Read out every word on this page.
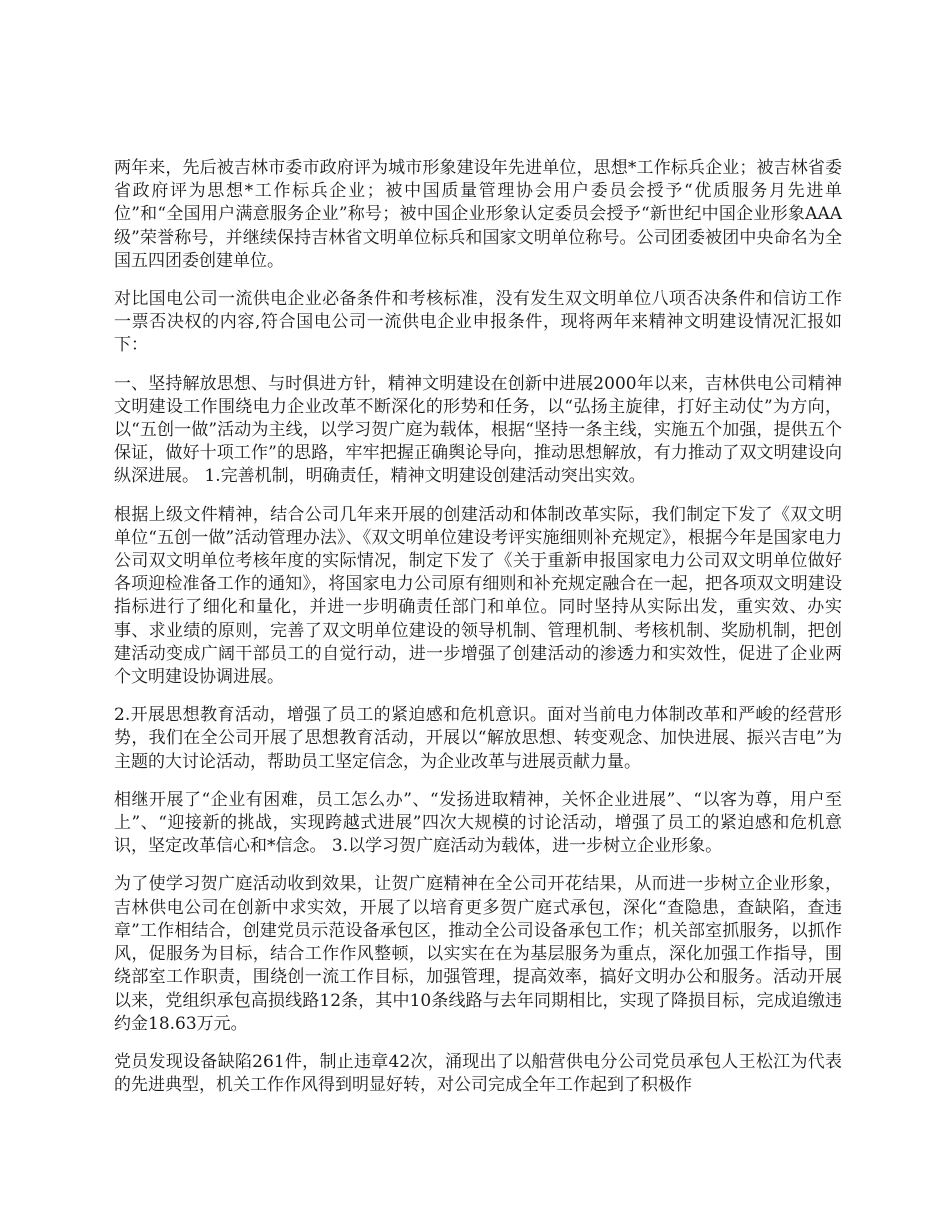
两年来，先后被吉林市委市政府评为城市形象建设年先进单位，思想*工作标兵企业；被吉林省委省政府评为思想*工作标兵企业；被中国质量管理协会用户委员会授予“优质服务月先进单位”和“全国用户满意服务企业”称号；被中国企业形象认定委员会授予“新世纪中国企业形象AAA级”荣誉称号，并继续保持吉林省文明单位标兵和国家文明单位称号。公司团委被团中央命名为全国五四团委创建单位。

对比国电公司一流供电企业必备条件和考核标准，没有发生双文明单位八项否决条件和信访工作一票否决权的内容,符合国电公司一流供电企业申报条件，现将两年来精神文明建设情况汇报如下：

一、坚持解放思想、与时俱进方针，精神文明建设在创新中进展2000年以来，吉林供电公司精神文明建设工作围绕电力企业改革不断深化的形势和任务，以“弘扬主旋律，打好主动仗”为方向，以“五创一做”活动为主线，以学习贺广庭为载体，根据“坚持一条主线，实施五个加强，提供五个保证，做好十项工作”的思路，牢牢把握正确舆论导向，推动思想解放，有力推动了双文明建设向纵深进展。 1.完善机制，明确责任，精神文明建设创建活动突出实效。

根据上级文件精神，结合公司几年来开展的创建活动和体制改革实际，我们制定下发了《双文明单位“五创一做”活动管理办法》、《双文明单位建设考评实施细则补充规定》，根据今年是国家电力公司双文明单位考核年度的实际情况，制定下发了《关于重新申报国家电力公司双文明单位做好各项迎检准备工作的通知》，将国家电力公司原有细则和补充规定融合在一起，把各项双文明建设指标进行了细化和量化，并进一步明确责任部门和单位。同时坚持从实际出发，重实效、办实事、求业绩的原则，完善了双文明单位建设的领导机制、管理机制、考核机制、奖励机制，把创建活动变成广阔干部员工的自觉行动，进一步增强了创建活动的渗透力和实效性，促进了企业两个文明建设协调进展。

2.开展思想教育活动，增强了员工的紧迫感和危机意识。面对当前电力体制改革和严峻的经营形势，我们在全公司开展了思想教育活动，开展以“解放思想、转变观念、加快进展、振兴吉电”为主题的大讨论活动，帮助员工坚定信念，为企业改革与进展贡献力量。

相继开展了“企业有困难，员工怎么办”、“发扬进取精神，关怀企业进展”、“以客为尊，用户至上”、“迎接新的挑战，实现跨越式进展”四次大规模的讨论活动，增强了员工的紧迫感和危机意识，坚定改革信心和*信念。 3.以学习贺广庭活动为载体，进一步树立企业形象。

为了使学习贺广庭活动收到效果，让贺广庭精神在全公司开花结果，从而进一步树立企业形象，吉林供电公司在创新中求实效，开展了以培育更多贺广庭式承包，深化“查隐患，查缺陷，查违章”工作相结合，创建党员示范设备承包区，推动全公司设备承包工作；机关部室抓服务，以抓作风，促服务为目标，结合工作作风整顿，以实实在在为基层服务为重点，深化加强工作指导，围绕部室工作职责，围绕创一流工作目标，加强管理，提高效率，搞好文明办公和服务。活动开展以来，党组织承包高损线路12条，其中10条线路与去年同期相比，实现了降损目标，完成追缴违约金18.63万元。

党员发现设备缺陷261件，制止违章42次，涌现出了以船营供电分公司党员承包人王松江为代表的先进典型，机关工作作风得到明显好转，对公司完成全年工作起到了积极作
